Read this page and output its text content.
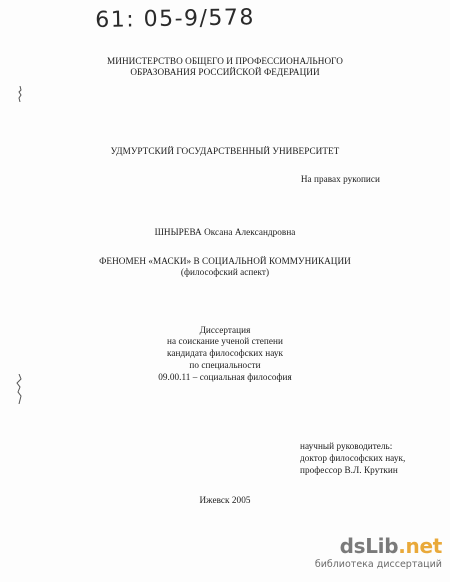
61: 05-9/578
МИНИСТЕРСТВО ОБЩЕГО И ПРОФЕССИОНАЛЬНОГО
ОБРАЗОВАНИЯ РОССИЙСКОЙ ФЕДЕРАЦИИ
УДМУРТСКИЙ ГОСУДАРСТВЕННЫЙ УНИВЕРСИТЕТ
На правах рукописи
ШНЫРЕВА Оксана Александровна
ФЕНОМЕН «МАСКИ» В СОЦИАЛЬНОЙ КОММУНИКАЦИИ
(философский аспект)
Диссертация
на соискание ученой степени
кандидата философских наук
по специальности
09.00.11 – социальная философия
научный руководитель:
доктор философских наук,
профессор В.Л. Круткин
Ижевск 2005
dsLib.net
библиотека диссертаций
